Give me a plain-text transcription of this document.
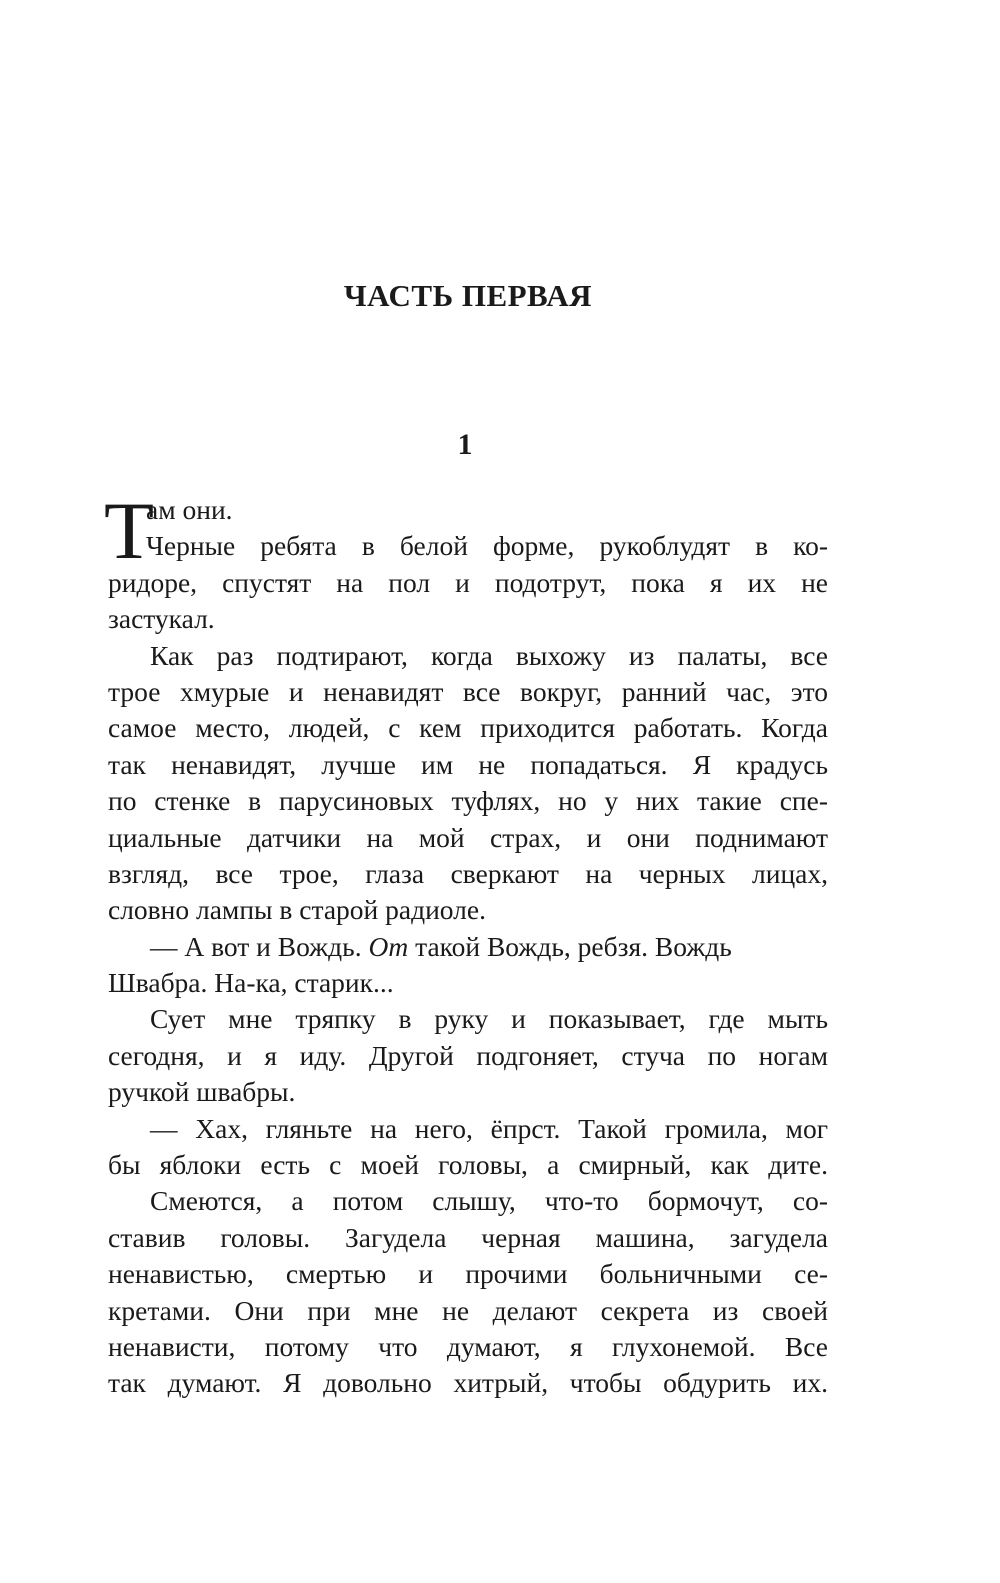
ЧАСТЬ ПЕРВАЯ
1
Т
ам они.
Черные ребята в белой форме, рукоблудят в ко-
ридоре, спустят на пол и подотрут, пока я их не
застукал.
Как раз подтирают, когда выхожу из палаты, все
трое хмурые и ненавидят все вокруг, ранний час, это
самое место, людей, с кем приходится работать. Когда
так ненавидят, лучше им не попадаться. Я крадусь
по стенке в парусиновых туфлях, но у них такие спе-
циальные датчики на мой страх, и они поднимают
взгляд, все трое, глаза сверкают на черных лицах,
словно лампы в старой радиоле.
— А вот и Вождь. От такой Вождь, ребзя. Вождь
Швабра. На-ка, старик...
Сует мне тряпку в руку и показывает, где мыть
сегодня, и я иду. Другой подгоняет, стуча по ногам
ручкой швабры.
— Хах, гляньте на него, ёпрст. Такой громила, мог
бы яблоки есть с моей головы, а смирный, как дите.
Смеются, а потом слышу, что-то бормочут, со-
ставив головы. Загудела черная машина, загудела
ненавистью, смертью и прочими больничными се-
кретами. Они при мне не делают секрета из своей
ненависти, потому что думают, я глухонемой. Все
так думают. Я довольно хитрый, чтобы обдурить их.
